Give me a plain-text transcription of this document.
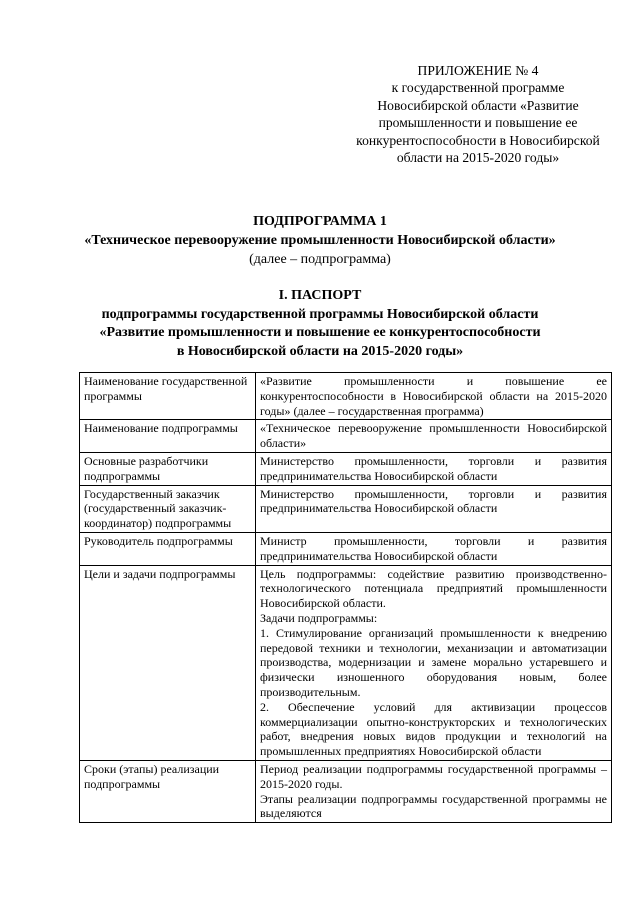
ПРИЛОЖЕНИЕ № 4
к государственной программе
Новосибирской области «Развитие
промышленности и повышение ее
конкурентоспособности в Новосибирской
области на 2015-2020 годы»
ПОДПРОГРАММА 1
«Техническое перевооружение промышленности Новосибирской области»
(далее – подпрограмма)
I. ПАСПОРТ
подпрограммы государственной программы Новосибирской области
«Развитие промышленности и повышение ее конкурентоспособности
в Новосибирской области на 2015-2020 годы»
Наименование государственной программы	«Развитие промышленности и повышение ее конкурентоспособности в Новосибирской области на 2015-2020 годы» (далее – государственная программа)

Наименование подпрограммы	«Техническое перевооружение промышленности Новосибирской области»

Основные разработчики подпрограммы	Министерство промышленности, торговли и развития предпринимательства Новосибирской области

Государственный заказчик (государственный заказчик-координатор) подпрограммы	Министерство промышленности, торговли и развития предпринимательства Новосибирской области

Руководитель подпрограммы	Министр промышленности, торговли и развития предпринимательства Новосибирской области

Цели и задачи подпрограммы	Цель подпрограммы: содействие развитию производственно-технологического потенциала предприятий промышленности Новосибирской области.
Задачи подпрограммы:
1. Стимулирование организаций промышленности к внедрению передовой техники и технологии, механизации и автоматизации производства, модернизации и замене морально устаревшего и физически изношенного оборудования новым, более производительным.
2. Обеспечение условий для активизации процессов коммерциализации опытно-конструкторских и технологических работ, внедрения новых видов продукции и технологий на промышленных предприятиях Новосибирской области

Сроки (этапы) реализации подпрограммы	Период реализации подпрограммы государственной программы – 2015-2020 годы.
Этапы реализации подпрограммы государственной программы не выделяются
